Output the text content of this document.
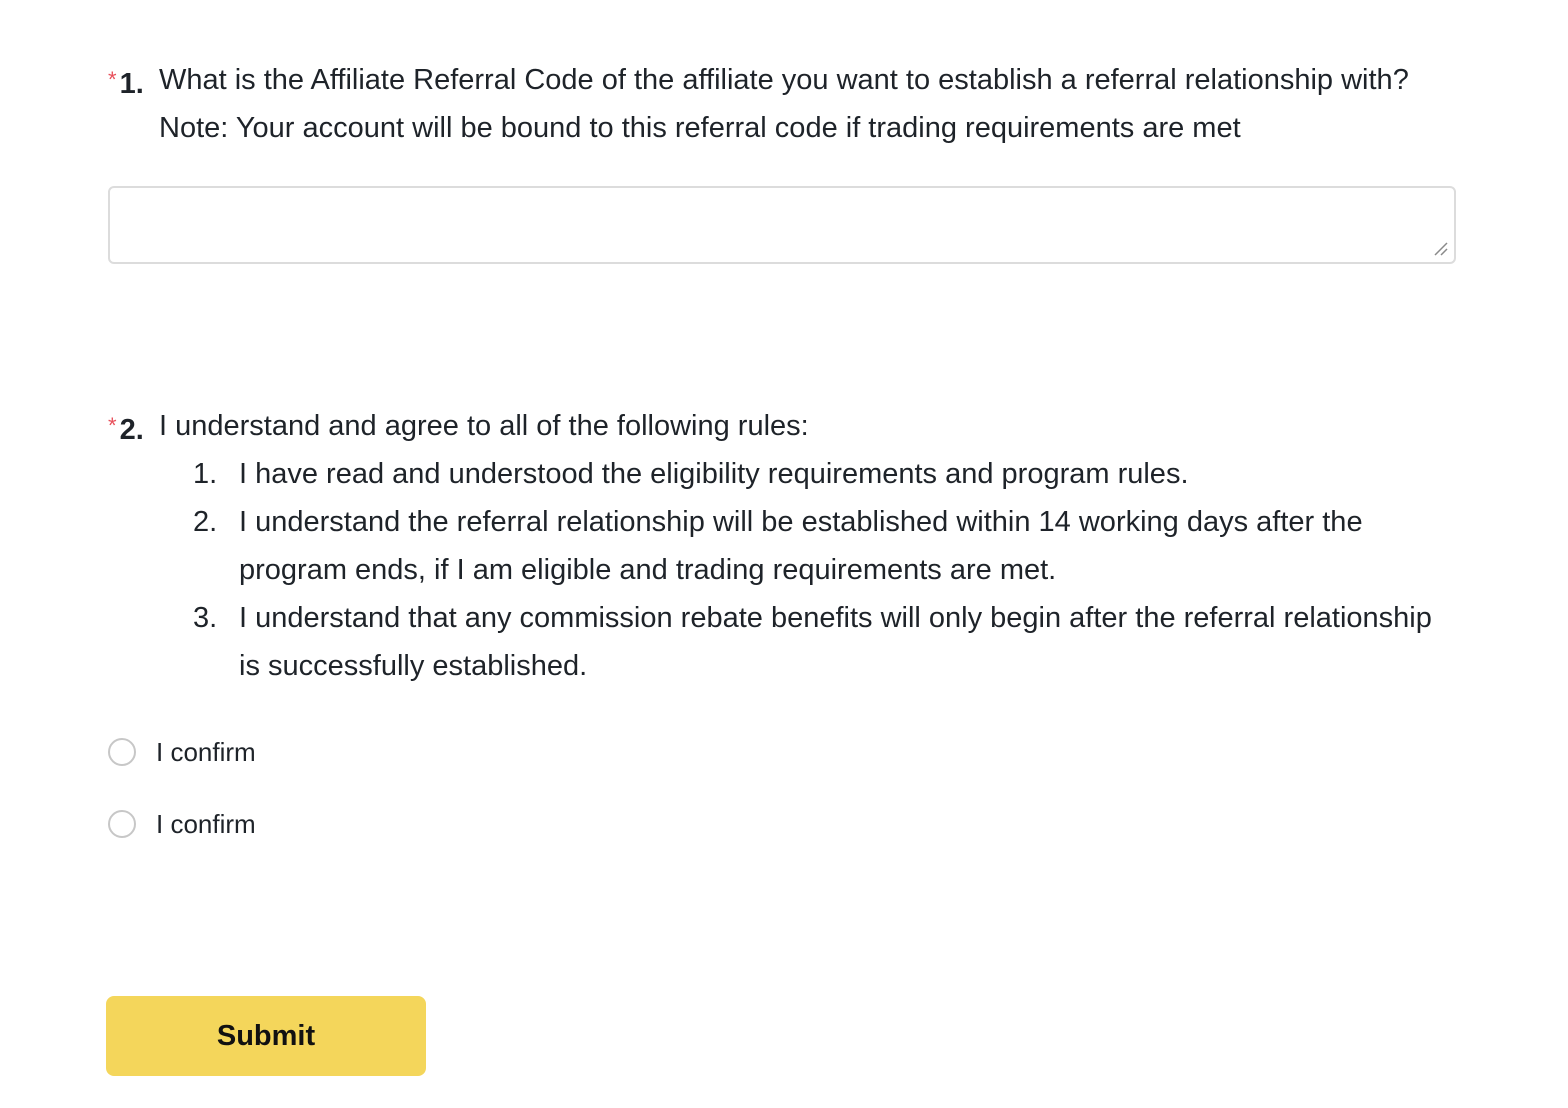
* 1. What is the Affiliate Referral Code of the affiliate you want to establish a referral relationship with?
Note: Your account will be bound to this referral code if trading requirements are met
* 2. I understand and agree to all of the following rules:
1. I have read and understood the eligibility requirements and program rules.
2. I understand the referral relationship will be established within 14 working days after the program ends, if I am eligible and trading requirements are met.
3. I understand that any commission rebate benefits will only begin after the referral relationship is successfully established.
I confirm
I confirm
Submit
